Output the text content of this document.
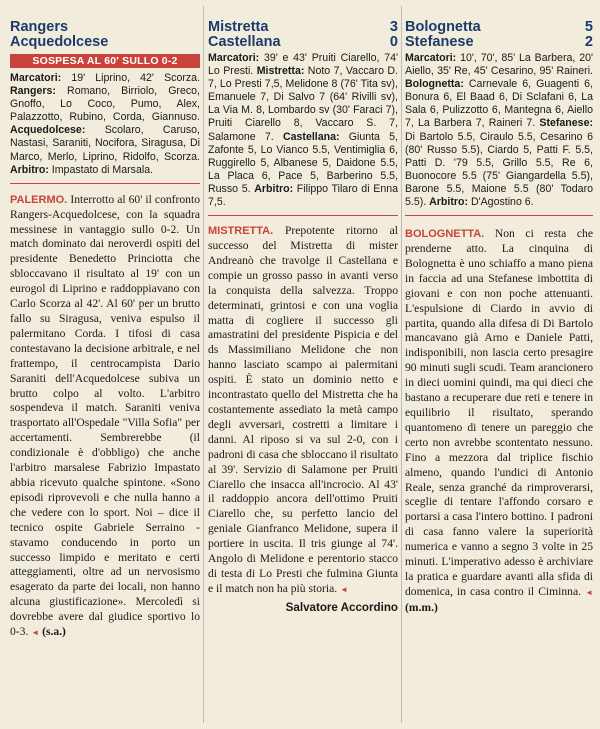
Rangers
Acquedolcese
SOSPESA AL 60' SULLO 0-2

Marcatori: 19' Liprino, 42' Scorza. Rangers: Romano, Birriolo, Greco, Gnoffo, Lo Coco, Pumo, Alex, Palazzotto, Rubino, Corda, Giannuso. Acquedolcese: Scolaro, Caruso, Nastasi, Saraniti, Nocifora, Siragusa, Di Marco, Merlo, Liprino, Ridolfo, Scorza. Arbitro: Impastato di Marsala.

PALERMO. Interrotto al 60' il confronto Rangers-Acquedolcese, con la squadra messinese in vantaggio sullo 0-2. Un match dominato dai neroverdi ospiti del presidente Benedetto Princiotta che sbloccavano il risultato al 19' con un eurogol di Liprino e raddoppiavano con Carlo Scorza al 42'. Al 60' per un brutto fallo su Siragusa, veniva espulso il palermitano Corda. I tifosi di casa contestavano la decisione arbitrale, e nel frattempo, il centrocampista Dario Saraniti dell'Acquedolcese subiva un brutto colpo al volto. L'arbitro sospendeva il match. Saraniti veniva trasportato all'Ospedale "Villa Sofia" per accertamenti. Sembrerebbe (il condizionale è d'obbligo) che anche l'arbitro marsalese Fabrizio Impastato abbia ricevuto qualche spintone. «Sono episodi riprovevoli e che nulla hanno a che vedere con lo sport. Noi – dice il tecnico ospite Gabriele Serraino - stavamo conducendo in porto un successo limpido e meritato e certi atteggiamenti, oltre ad un nervosismo esagerato da parte dei locali, non hanno alcuna giustificazione». Mercoledì si dovrebbe avere dal giudice sportivo lo 0-3. ◄ (s.a.)

Mistretta
Castellana
3
0

Marcatori: 39' e 43' Pruiti Ciarello, 74' Lo Presti. Mistretta: Noto 7, Vaccaro D. 7, Lo Presti 7,5, Melidone 8 (76' Tita sv), Emanuele 7, Di Salvo 7 (64' Rivilli sv), La Via M. 8, Lombardo sv (30' Faraci 7), Pruiti Ciarello 8, Vaccaro S. 7, Salamone 7. Castellana: Giunta 5, Zafonte 5, Lo Vianco 5.5, Ventimiglia 6, Ruggirello 5, Albanese 5, Daidone 5.5, La Placa 6, Pace 5, Barberino 5.5, Russo 5. Arbitro: Filippo Tilaro di Enna 7,5.

MISTRETTA. Prepotente ritorno al successo del Mistretta di mister Andreanò che travolge il Castellana e compie un grosso passo in avanti verso la conquista della salvezza. Troppo determinati, grintosi e con una voglia matta di cogliere il successo gli amastratini del presidente Pispicia e del ds Massimiliano Melidone che non hanno lasciato scampo ai palermitani ospiti. È stato un dominio netto e incontrastato quello del Mistretta che ha costantemente assediato la metà campo degli avversari, costretti a limitare i danni. Al riposo si va sul 2-0, con i padroni di casa che sbloccano il risultato al 39'. Servizio di Salamone per Pruiti Ciarello che insacca all'incrocio. Al 43' il raddoppio ancora dell'ottimo Pruiti Ciarello che, su perfetto lancio del geniale Gianfranco Melidone, supera il portiere in uscita. Il tris giunge al 74'. Angolo di Melidone e perentorio stacco di testa di Lo Presti che fulmina Giunta e il match non ha più storia. ◄

Salvatore Accordino
Bolognetta
Stefanese
5
2

Marcatori: 10', 70', 85' La Barbera, 20' Aiello, 35' Re, 45' Cesarino, 95' Raineri. Bolognetta: Carnevale 6, Guagenti 6, Bonura 6, El Baad 6, Di Sclafani 6, La Sala 6, Pulizzotto 6, Mantegna 6, Aiello 7, La Barbera 7, Raineri 7. Stefanese: Di Bartolo 5.5, Ciraulo 5.5, Cesarino 6 (80' Russo 5.5), Ciardo 5, Patti F. 5.5, Patti D. '79 5.5, Grillo 5.5, Re 6, Buonocore 5.5 (75' Giangardella 5.5), Barone 5.5, Maione 5.5 (80' Todaro 5.5). Arbitro: D'Agostino 6.

BOLOGNETTA. Non ci resta che prenderne atto. La cinquina di Bolognetta è uno schiaffo a mano piena in faccia ad una Stefanese imbottita di giovani e con non poche attenuanti. L'espulsione di Ciardo in avvio di partita, quando alla difesa di Di Bartolo mancavano già Arno e Daniele Patti, indisponibili, non lascia certo presagire 90 minuti sugli scudi. Team arancionero in dieci uomini quindi, ma qui dieci che bastano a recuperare due reti e tenere in equilibrio il risultato, sperando quantomeno di tenere un pareggio che certo non avrebbe scontentato nessuno. Fino a mezzora dal triplice fischio almeno, quando l'undici di Antonio Reale, senza granché da rimproverarsi, sceglie di tentare l'affondo corsaro e portarsi a casa l'intero bottino. I padroni di casa fanno valere la superiorità numerica e vanno a segno 3 volte in 25 minuti. L'imperativo adesso è archiviare la pratica e guardare avanti alla sfida di domenica, in casa contro il Ciminna. ◄ (m.m.)
